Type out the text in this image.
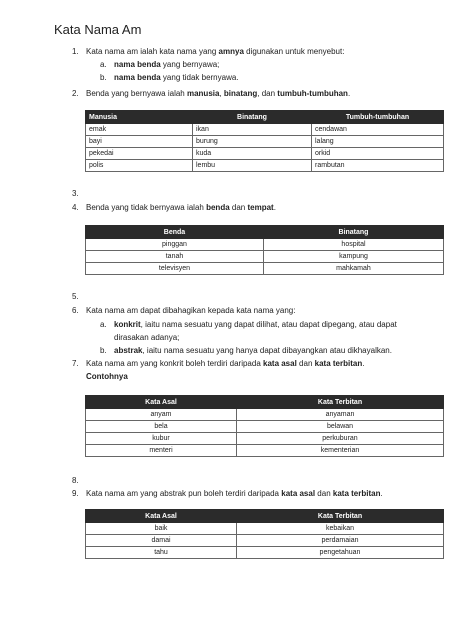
Kata Nama Am
1. Kata nama am ialah kata nama yang amnya digunakan untuk menyebut:
a. nama benda yang bernyawa;
b. nama benda yang tidak bernyawa.
2. Benda yang bernyawa ialah manusia, binatang, dan tumbuh-tumbuhan.
Manusia	Binatang	Tumbuh-tumbuhan
emak	ikan	cendawan
bayi	burung	lalang
pekedai	kuda	orkid
polis	lembu	rambutan
3.
4. Benda yang tidak bernyawa ialah benda dan tempat.
Benda	Binatang
pinggan	hospital
tanah	kampung
televisyen	mahkamah
5.
6. Kata nama am dapat dibahagikan kepada kata nama yang:
a. konkrit, iaitu nama sesuatu yang dapat dilihat, atau dapat dipegang, atau dapat
dirasakan adanya;
b. abstrak, iaitu nama sesuatu yang hanya dapat dibayangkan atau dikhayalkan.
7. Kata nama am yang konkrit boleh terdiri daripada kata asal dan kata terbitan.
Contohnya
Kata Asal	Kata Terbitan
anyam	anyaman
bela	belawan
kubur	perkuburan
menteri	kementerian
8.
9. Kata nama am yang abstrak pun boleh terdiri daripada kata asal dan kata terbitan.
Kata Asal	Kata Terbitan
baik	kebaikan
damai	perdamaian
tahu	pengetahuan
